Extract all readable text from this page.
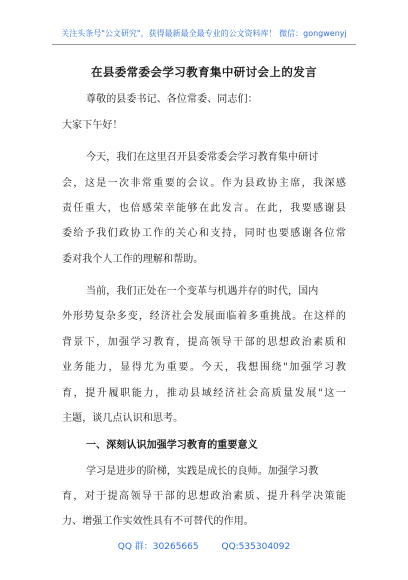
关注头条号"公文研究"，获得最新最全最专业的公文资料库！ 微信：gongwenyj
在县委常委会学习教育集中研讨会上的发言
尊敬的县委书记、各位常委、同志们：
大家下午好！
今天，我们在这里召开县委常委会学习教育集中研讨
会，这是一次非常重要的会议。作为县政协主席，我深感
责任重大，也倍感荣幸能够在此发言。在此，我要感谢县
委给予我们政协工作的关心和支持，同时也要感谢各位常
委对我个人工作的理解和帮助。
当前，我们正处在一个变革与机遇并存的时代，国内
外形势复杂多变，经济社会发展面临着多重挑战。在这样的
背景下，加强学习教育，提高领导干部的思想政治素质和
业务能力，显得尤为重要。今天，我想围绕"加强学习教
育，提升履职能力，推动县域经济社会高质量发展"这一
主题，谈几点认识和思考。
一、深刻认识加强学习教育的重要意义
学习是进步的阶梯，实践是成长的良师。加强学习教
育，对于提高领导干部的思想政治素质、提升科学决策能
力、增强工作实效性具有不可替代的作用。
QQ 群：30265665	QQ:535304092
